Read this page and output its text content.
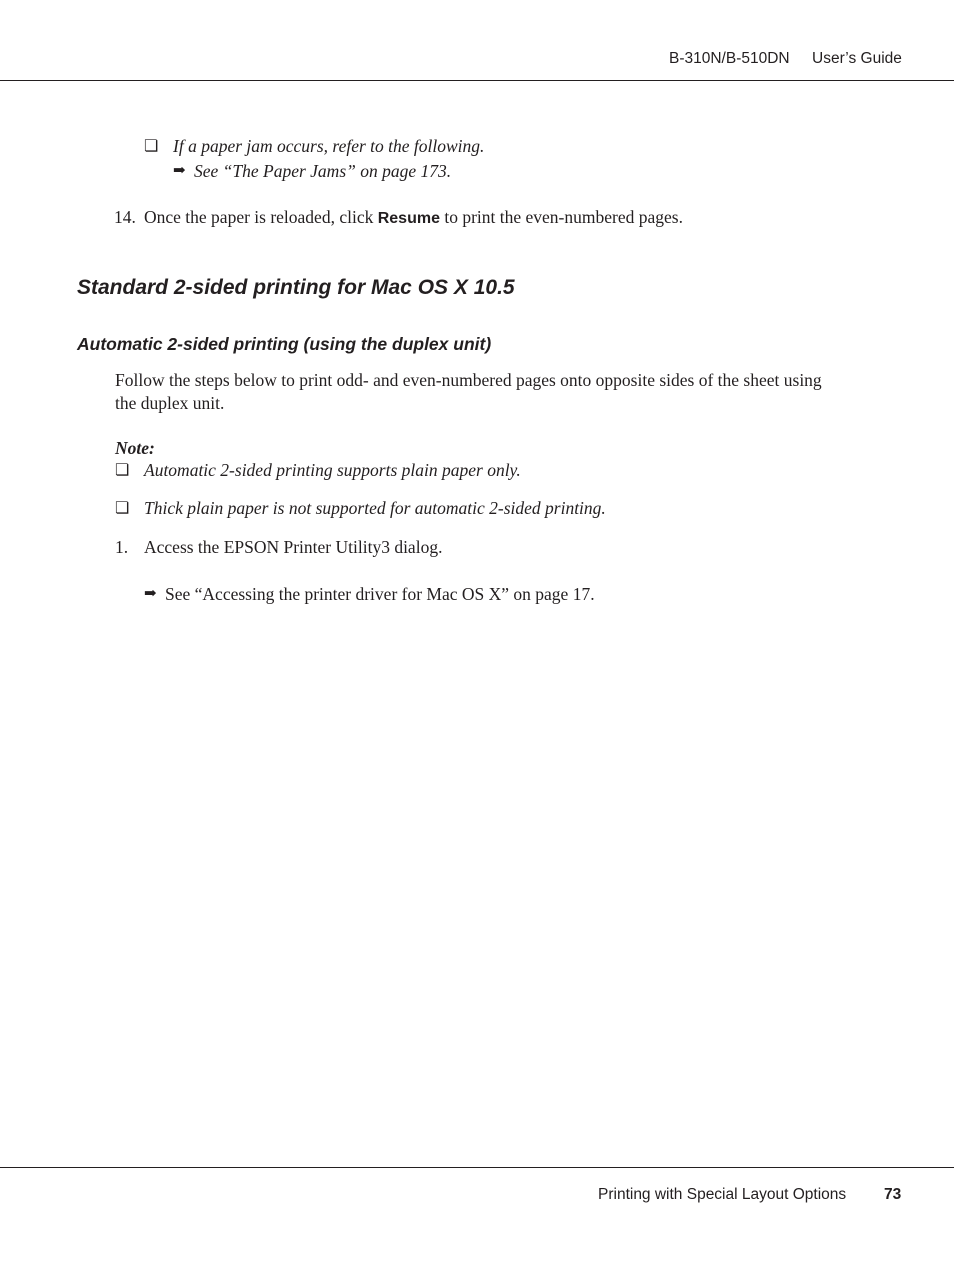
B-310N/B-510DN User’s Guide
❏ If a paper jam occurs, refer to the following.
➡ See “The Paper Jams” on page 173.
14. Once the paper is reloaded, click Resume to print the even-numbered pages.
Standard 2-sided printing for Mac OS X 10.5
Automatic 2-sided printing (using the duplex unit)
Follow the steps below to print odd- and even-numbered pages onto opposite sides of the sheet using
the duplex unit.
Note:
❏ Automatic 2-sided printing supports plain paper only.
❏ Thick plain paper is not supported for automatic 2-sided printing.
1. Access the EPSON Printer Utility3 dialog.
➡ See “Accessing the printer driver for Mac OS X” on page 17.
Printing with Special Layout Options 73
